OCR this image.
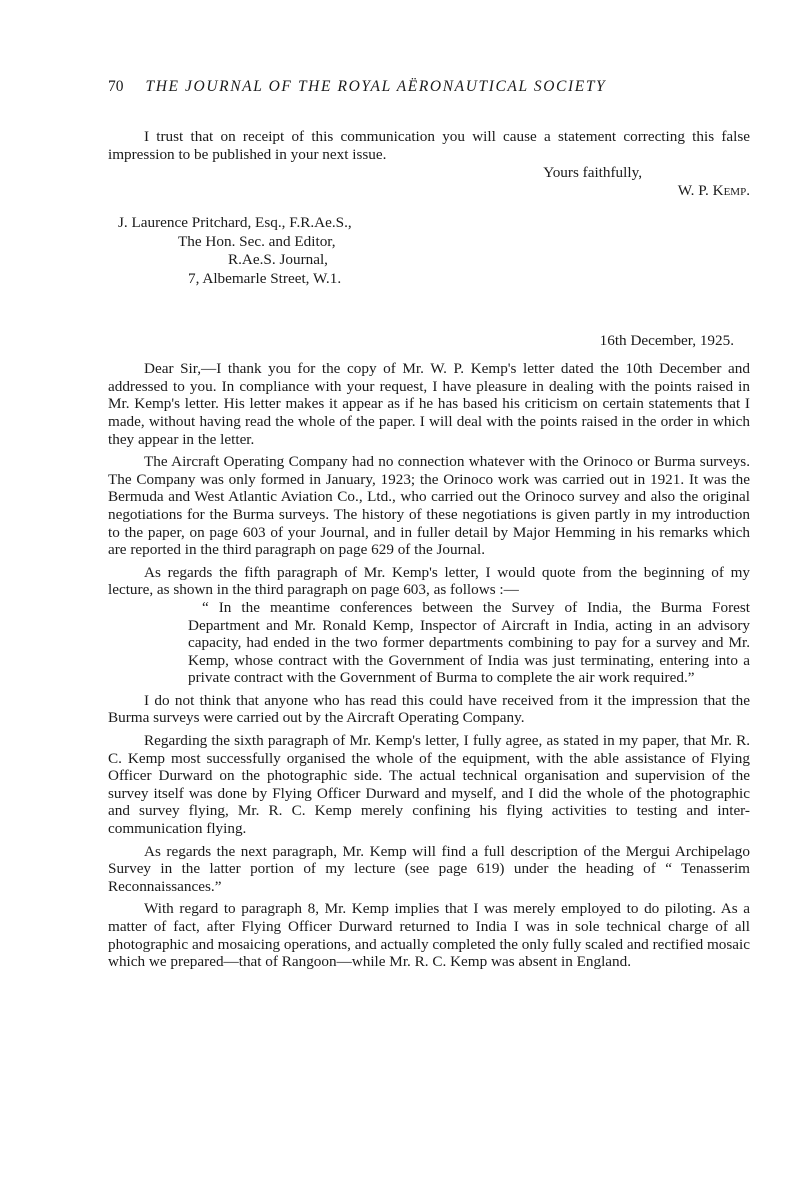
70 THE JOURNAL OF THE ROYAL AËRONAUTICAL SOCIETY

I trust that on receipt of this communication you will cause a statement correcting this false impression to be published in your next issue.

Yours faithfully,

W. P. Kemp.

J. Laurence Pritchard, Esq., F.R.Ae.S.,
The Hon. Sec. and Editor,
R.Ae.S. Journal,
7, Albemarle Street, W.1.
16th December, 1925.

Dear Sir,—I thank you for the copy of Mr. W. P. Kemp's letter dated the 10th December and addressed to you. In compliance with your request, I have pleasure in dealing with the points raised in Mr. Kemp's letter. His letter makes it appear as if he has based his criticism on certain statements that I made, without having read the whole of the paper. I will deal with the points raised in the order in which they appear in the letter.

The Aircraft Operating Company had no connection whatever with the Orinoco or Burma surveys. The Company was only formed in January, 1923; the Orinoco work was carried out in 1921. It was the Bermuda and West Atlantic Aviation Co., Ltd., who carried out the Orinoco survey and also the original negotiations for the Burma surveys. The history of these negotiations is given partly in my introduction to the paper, on page 603 of your Journal, and in fuller detail by Major Hemming in his remarks which are reported in the third paragraph on page 629 of the Journal.

As regards the fifth paragraph of Mr. Kemp's letter, I would quote from the beginning of my lecture, as shown in the third paragraph on page 603, as follows :—

“ In the meantime conferences between the Survey of India, the Burma Forest Department and Mr. Ronald Kemp, Inspector of Aircraft in India, acting in an advisory capacity, had ended in the two former departments combining to pay for a survey and Mr. Kemp, whose contract with the Government of India was just terminating, entering into a private contract with the Government of Burma to complete the air work required.”

I do not think that anyone who has read this could have received from it the impression that the Burma surveys were carried out by the Aircraft Operating Company.

Regarding the sixth paragraph of Mr. Kemp's letter, I fully agree, as stated in my paper, that Mr. R. C. Kemp most successfully organised the whole of the equipment, with the able assistance of Flying Officer Durward on the photographic side. The actual technical organisation and supervision of the survey itself was done by Flying Officer Durward and myself, and I did the whole of the photographic and survey flying, Mr. R. C. Kemp merely confining his flying activities to testing and inter-communication flying.

As regards the next paragraph, Mr. Kemp will find a full description of the Mergui Archipelago Survey in the latter portion of my lecture (see page 619) under the heading of “ Tenasserim Reconnaissances.”

With regard to paragraph 8, Mr. Kemp implies that I was merely employed to do piloting. As a matter of fact, after Flying Officer Durward returned to India I was in sole technical charge of all photographic and mosaicing operations, and actually completed the only fully scaled and rectified mosaic which we prepared—that of Rangoon—while Mr. R. C. Kemp was absent in England.
